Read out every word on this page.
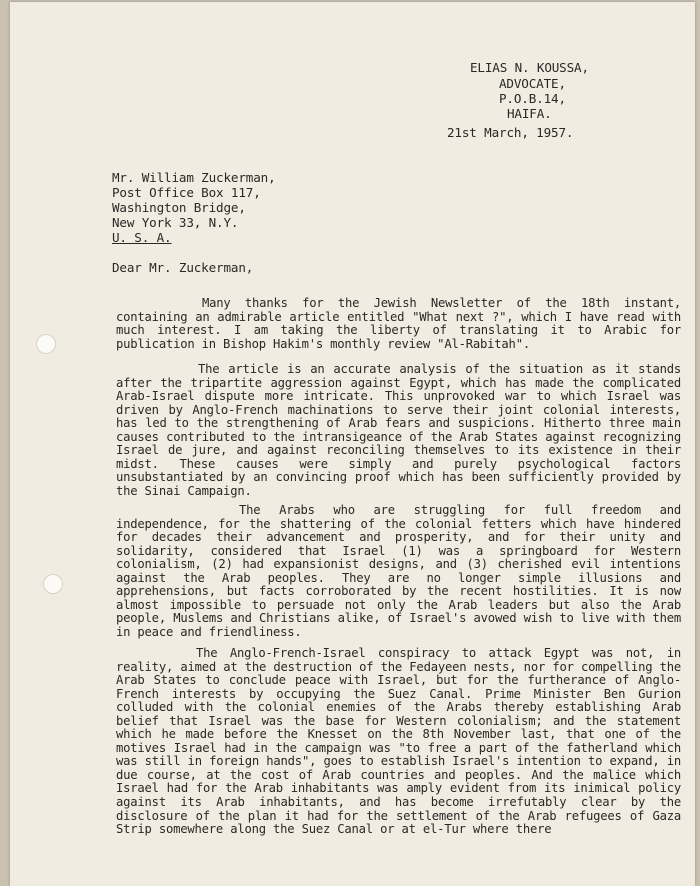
ELIAS N. KOUSSA,

ADVOCATE,

P.O.B.14,

HAIFA.

21st March, 1957.

Mr. William Zuckerman,

Post Office Box 117,

Washington Bridge,

New York 33, N.Y.

U. S. A.

Dear Mr. Zuckerman,

Many thanks for the Jewish Newsletter of the 18th instant, containing an admirable article entitled "What next ?", which I have read with much interest. I am taking the liberty of translating it to Arabic for publication in Bishop Hakim's monthly review "Al-Rabitah".

The article is an accurate analysis of the situation as it stands after the tripartite aggression against Egypt, which has made the complicated Arab-Israel dispute more intricate. This unprovoked war to which Israel was driven by Anglo-French machinations to serve their joint colonial interests, has led to the strengthening of Arab fears and suspicions. Hitherto three main causes contributed to the intransigeance of the Arab States against recognizing Israel de jure, and against reconciling themselves to its existence in their midst. These causes were simply and purely psychological factors unsubstantiated by an convincing proof which has been sufficiently provided by the Sinai Campaign.

The Arabs who are struggling for full freedom and independence, for the shattering of the colonial fetters which have hindered for decades their advancement and prosperity, and for their unity and solidarity, considered that Israel (1) was a springboard for Western colonialism, (2) had expansionist designs, and (3) cherished evil intentions against the Arab peoples. They are no longer simple illusions and apprehensions, but facts corroborated by the recent hostilities. It is now almost impossible to persuade not only the Arab leaders but also the Arab people, Muslems and Christians alike, of Israel's avowed wish to live with them in peace and friendliness.

The Anglo-French-Israel conspiracy to attack Egypt was not, in reality, aimed at the destruction of the Fedayeen nests, nor for compelling the Arab States to conclude peace with Israel, but for the furtherance of Anglo-French interests by occupying the Suez Canal. Prime Minister Ben Gurion colluded with the colonial enemies of the Arabs thereby establishing Arab belief that Israel was the base for Western colonialism; and the statement which he made before the Knesset on the 8th November last, that one of the motives Israel had in the campaign was "to free a part of the fatherland which was still in foreign hands", goes to establish Israel's intention to expand, in due course, at the cost of Arab countries and peoples. And the malice which Israel had for the Arab inhabitants was amply evident from its inimical policy against its Arab inhabitants, and has become irrefutably clear by the disclosure of the plan it had for the settlement of the Arab refugees of Gaza Strip somewhere along the Suez Canal or at el-Tur where there
